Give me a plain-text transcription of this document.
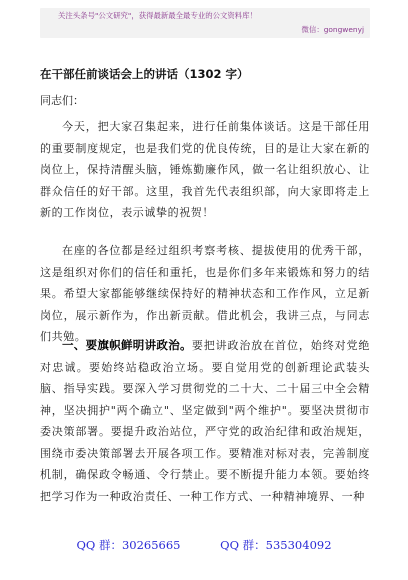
关注头条号"公文研究"，获得最新最全最专业的公文资料库！
微信：gongwenyj
在干部任前谈话会上的讲话（1302 字）
同志们：
今天，把大家召集起来，进行任前集体谈话。这是干部任用的重要制度规定，也是我们党的优良传统，目的是让大家在新的岗位上，保持清醒头脑，锤炼勤廉作风，做一名让组织放心、让群众信任的好干部。这里，我首先代表组织部，向大家即将走上新的工作岗位，表示诚挚的祝贺！
在座的各位都是经过组织考察考核、提拔使用的优秀干部，这是组织对你们的信任和重托，也是你们多年来锻炼和努力的结果。希望大家都能够继续保持好的精神状态和工作作风，立足新岗位，展示新作为，作出新贡献。借此机会，我讲三点，与同志们共勉。
一、要旗帜鲜明讲政治。要把讲政治放在首位，始终对党绝对忠诚。要始终站稳政治立场。要自觉用党的创新理论武装头脑、指导实践。要深入学习贯彻党的二十大、二十届三中全会精神，坚决拥护"两个确立"、坚定做到"两个维护"。要坚决贯彻市委决策部署。要提升政治站位，严守党的政治纪律和政治规矩，围绕市委决策部署去开展各项工作。要精准对标对表，完善制度机制，确保政令畅通、令行禁止。要不断提升能力本领。要始终把学习作为一种政治责任、一种工作方式、一种精神境界、一种
QQ 群：30265665	QQ 群：535304092
